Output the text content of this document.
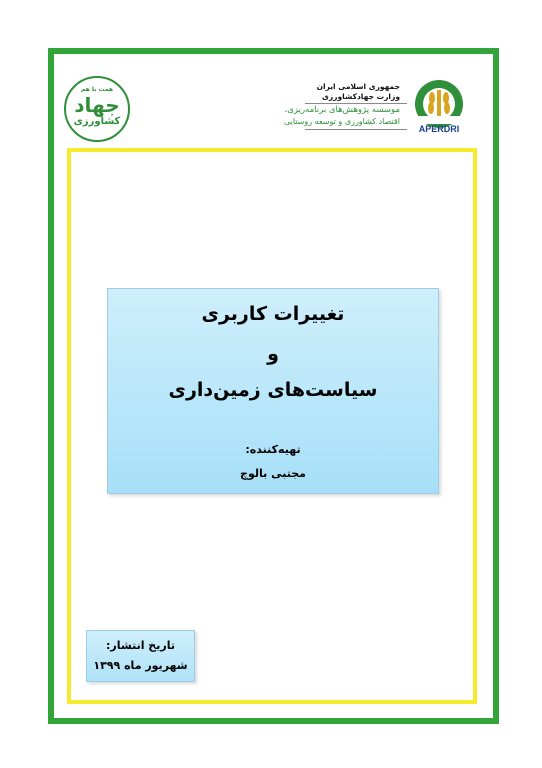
همت با هم
جهاد
کشاورزی
جمهوری اسلامی ایران
وزارت جهادکشاورزی
موسسه پژوهش‌های برنامه‌ریزی،
اقتصاد کشاورزی و توسعه روستایی
APERDRI
تغییرات کاربری
و
سیاست‌های زمین‌داری
تهیه‌کننده:
مجتبی بالوچ
تاریخ انتشار:
شهریور ماه ۱۳۹۹
